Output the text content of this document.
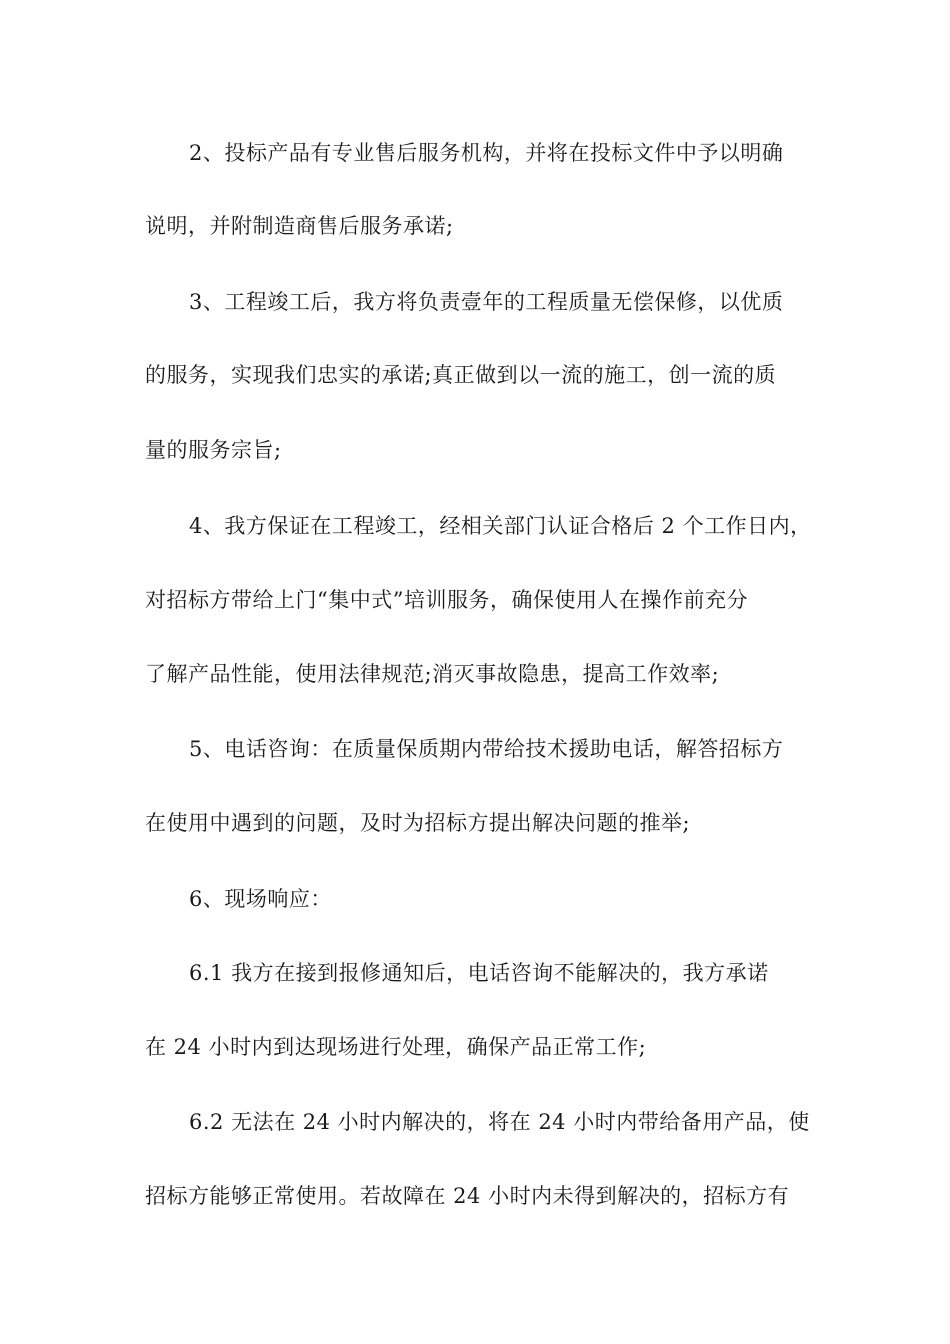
2、投标产品有专业售后服务机构，并将在投标文件中予以明确
说明，并附制造商售后服务承诺;
3、工程竣工后，我方将负责壹年的工程质量无偿保修，以优质
的服务，实现我们忠实的承诺;真正做到以一流的施工，创一流的质
量的服务宗旨;
4、我方保证在工程竣工，经相关部门认证合格后 2 个工作日内，
对招标方带给上门“集中式”培训服务，确保使用人在操作前充分
了解产品性能，使用法律规范;消灭事故隐患，提高工作效率;
5、电话咨询：在质量保质期内带给技术援助电话，解答招标方
在使用中遇到的问题，及时为招标方提出解决问题的推举;
6、现场响应：
6.1 我方在接到报修通知后，电话咨询不能解决的，我方承诺
在 24 小时内到达现场进行处理，确保产品正常工作;
6.2 无法在 24 小时内解决的，将在 24 小时内带给备用产品，使
招标方能够正常使用。若故障在 24 小时内未得到解决的，招标方有
